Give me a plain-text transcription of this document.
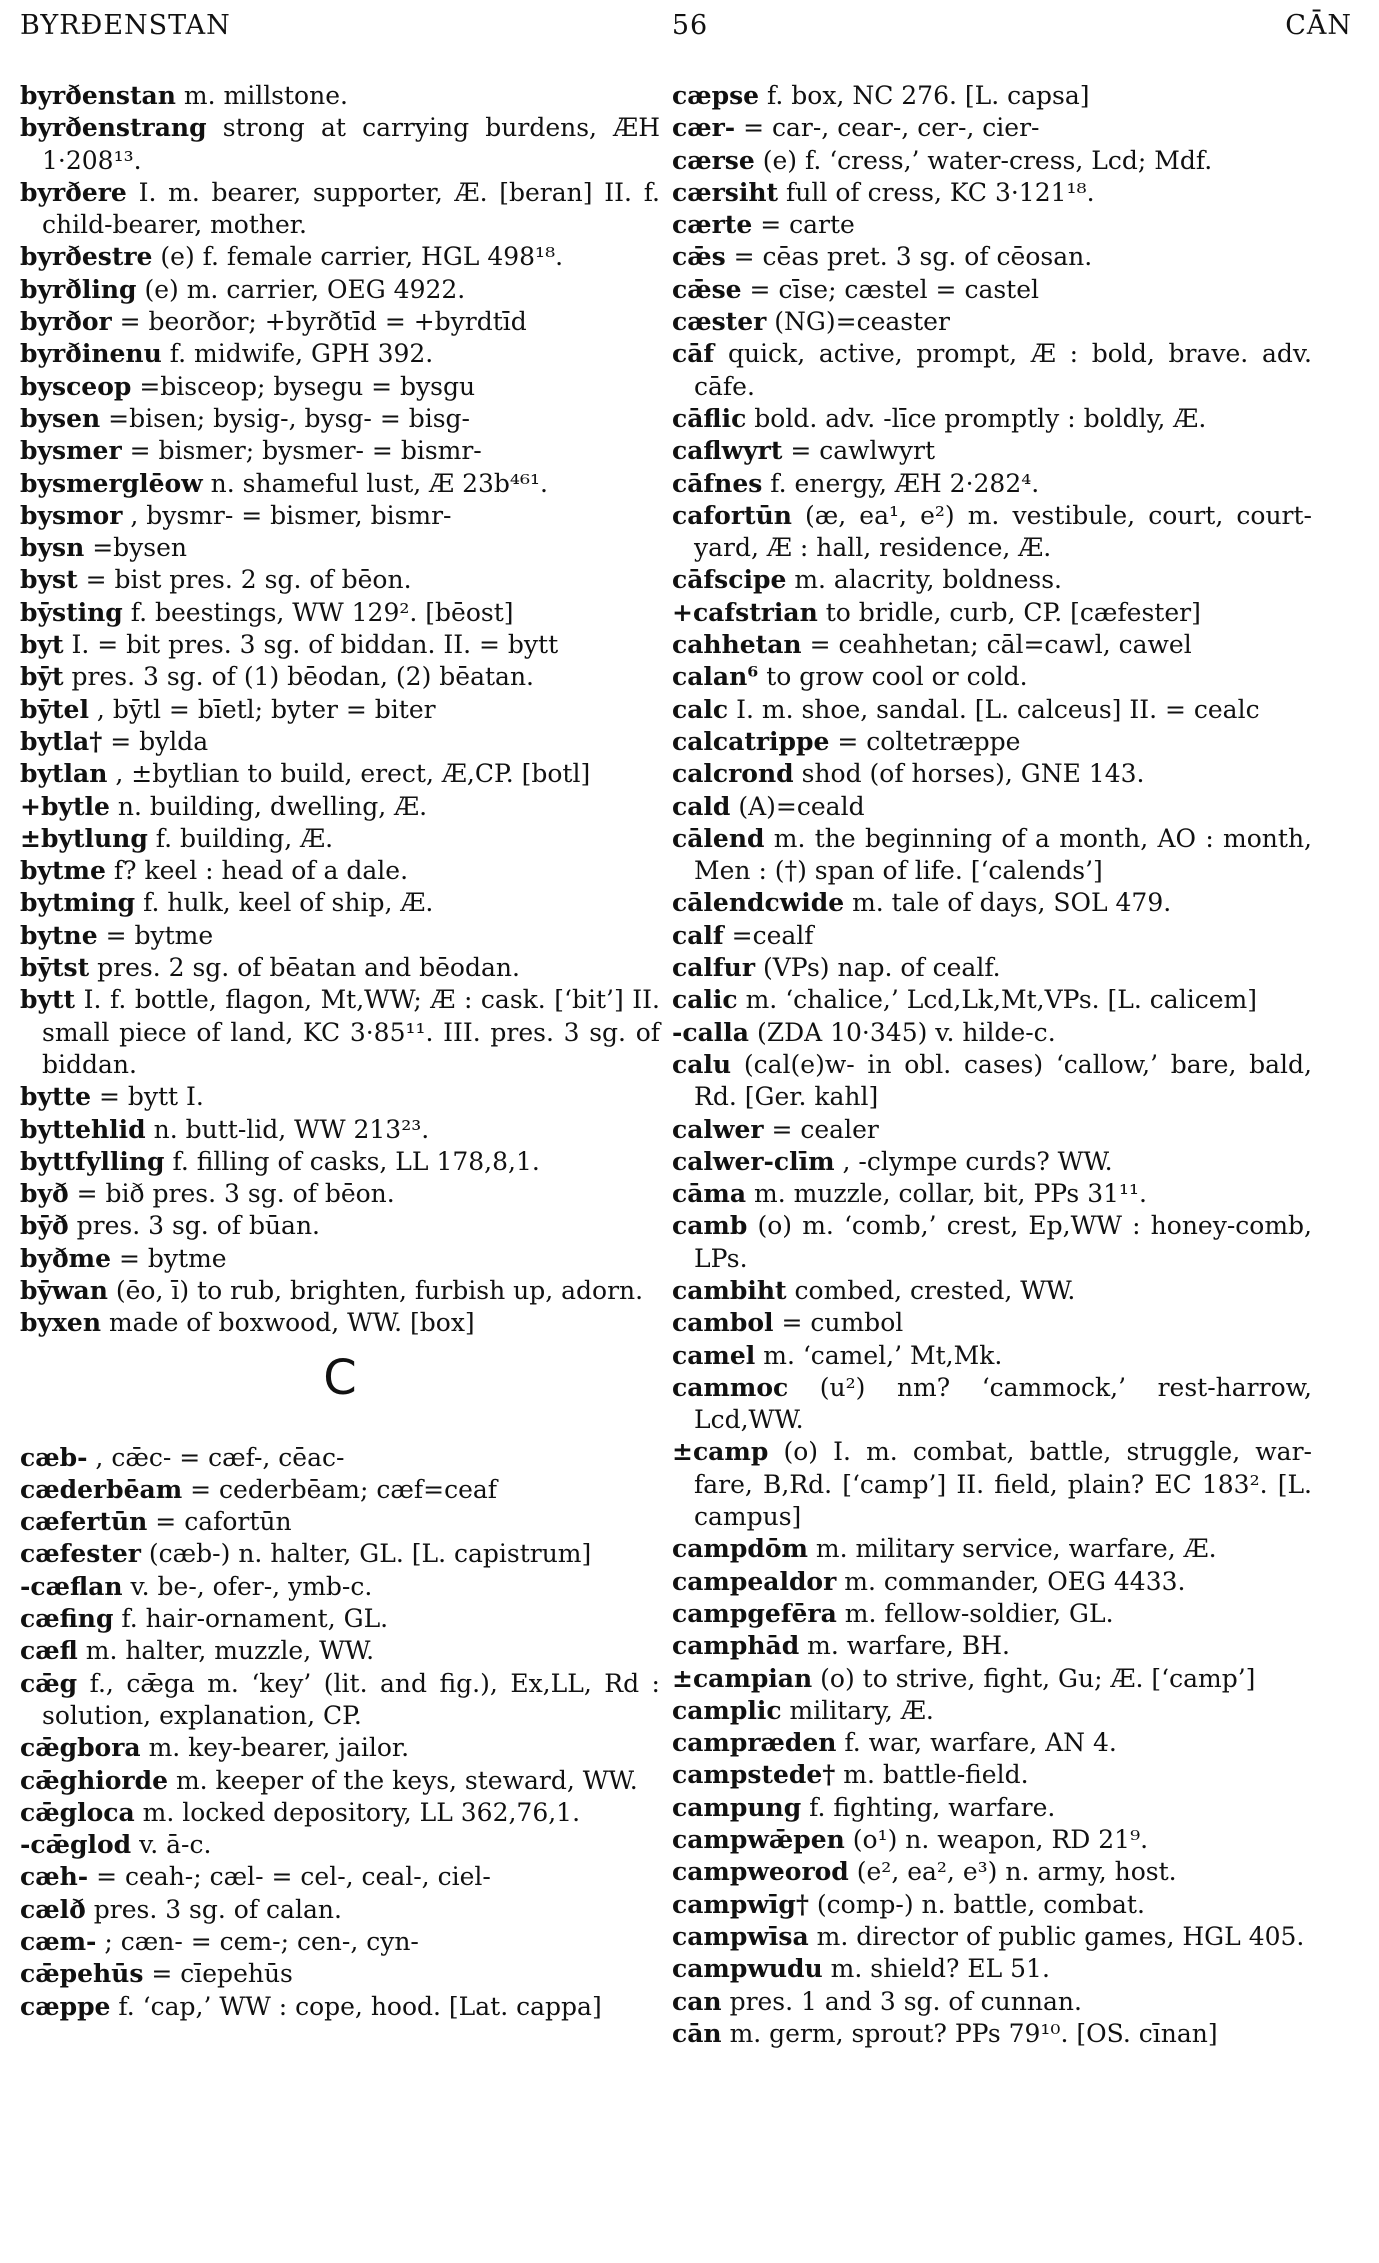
BYRÐENSTAN	56	CĀN
byrðenstan m. millstone.
byrðenstrang strong at carrying burdens, ÆH 1·208¹³.
byrðere I. m. bearer, supporter, Æ. [beran] II. f. child-bearer, mother.
byrðestre (e) f. female carrier, HGL 498¹⁸.
byrðling (e) m. carrier, OEG 4922.
byrðor = beorðor; +byrðtīd = +byrdtīd
byrðinenu f. midwife, GPH 392.
bysceop =bisceop; bysegu = bysgu
bysen =bisen; bysig-, bysg- = bisg-
bysmer = bismer; bysmer- = bismr-
bysmerglēow n. shameful lust, Æ 23b⁴⁶¹.
bysmor , bysmr- = bismer, bismr-
bysn =bysen
byst = bist pres. 2 sg. of bēon.
bȳsting f. beestings, WW 129². [bēost]
byt I. = bit pres. 3 sg. of biddan. II. = bytt
bȳt pres. 3 sg. of (1) bēodan, (2) bēatan.
bȳtel , bȳtl = bīetl; byter = biter
bytla† = bylda
bytlan , ±bytlian to build, erect, Æ,CP. [botl]
+bytle n. building, dwelling, Æ.
±bytlung f. building, Æ.
bytme f? keel : head of a dale.
bytming f. hulk, keel of ship, Æ.
bytne = bytme
bȳtst pres. 2 sg. of bēatan and bēodan.
bytt I. f. bottle, flagon, Mt,WW; Æ : cask. [‘bit’] II. small piece of land, KC 3·85¹¹. III. pres. 3 sg. of biddan.
bytte = bytt I.
byttehlid n. butt-lid, WW 213²³.
byttfylling f. filling of casks, LL 178,8,1.
byð = bið pres. 3 sg. of bēon.
bȳð pres. 3 sg. of būan.
byðme = bytme
bȳwan (ēo, ī) to rub, brighten, furbish up, adorn.
byxen made of boxwood, WW. [box]
C
cæb- , cǣc- = cæf-, cēac-
cæderbēam = cederbēam; cæf=ceaf
cæfertūn = cafortūn
cæfester (cæb-) n. halter, GL. [L. capistrum]
-cæflan v. be-, ofer-, ymb-c.
cæfing f. hair-ornament, GL.
cæfl m. halter, muzzle, WW.
cǣg f., cǣga m. ‘key’ (lit. and fig.), Ex,LL, Rd : solution, explanation, CP.
cǣgbora m. key-bearer, jailor.
cǣghiorde m. keeper of the keys, steward, WW.
cǣgloca m. locked depository, LL 362,76,1.
-cǣglod v. ā-c.
cæh- = ceah-; cæl- = cel-, ceal-, ciel-
cælð pres. 3 sg. of calan.
cæm- ; cæn- = cem-; cen-, cyn-
cǣpehūs = cīepehūs
cæppe f. ‘cap,’ WW : cope, hood. [Lat. cappa]
cæpse f. box, NC 276. [L. capsa]
cær- = car-, cear-, cer-, cier-
cærse (e) f. ‘cress,’ water-cress, Lcd; Mdf.
cærsiht full of cress, KC 3·121¹⁸.
cærte = carte
cǣs = cēas pret. 3 sg. of cēosan.
cǣse = cīse; cæstel = castel
cæster (NG)=ceaster
cāf quick, active, prompt, Æ : bold, brave. adv. cāfe.
cāflic bold. adv. -līce promptly : boldly, Æ.
caflwyrt = cawlwyrt
cāfnes f. energy, ÆH 2·282⁴.
cafortūn (æ, ea¹, e²) m. vestibule, court, court-yard, Æ : hall, residence, Æ.
cāfscipe m. alacrity, boldness.
+cafstrian to bridle, curb, CP. [cæfester]
cahhetan = ceahhetan; cāl=cawl, cawel
calan⁶ to grow cool or cold.
calc I. m. shoe, sandal. [L. calceus] II. = cealc
calcatrippe = coltetræppe
calcrond shod (of horses), GNE 143.
cald (A)=ceald
cālend m. the beginning of a month, AO : month, Men : (†) span of life. [‘calends’]
cālendcwide m. tale of days, SOL 479.
calf =cealf
calfur (VPs) nap. of cealf.
calic m. ‘chalice,’ Lcd,Lk,Mt,VPs. [L. calicem]
-calla (ZDA 10·345) v. hilde-c.
calu (cal(e)w- in obl. cases) ‘callow,’ bare, bald, Rd. [Ger. kahl]
calwer = cealer
calwer-clīm , -clympe curds? WW.
cāma m. muzzle, collar, bit, PPs 31¹¹.
camb (o) m. ‘comb,’ crest, Ep,WW : honey-comb, LPs.
cambiht combed, crested, WW.
cambol = cumbol
camel m. ‘camel,’ Mt,Mk.
cammoc (u²) nm? ‘cammock,’ rest-harrow, Lcd,WW.
±camp (o) I. m. combat, battle, struggle, war-fare, B,Rd. [‘camp’] II. field, plain? EC 183². [L. campus]
campdōm m. military service, warfare, Æ.
campealdor m. commander, OEG 4433.
campgefēra m. fellow-soldier, GL.
camphād m. warfare, BH.
±campian (o) to strive, fight, Gu; Æ. [‘camp’]
camplic military, Æ.
campræden f. war, warfare, AN 4.
campstede† m. battle-field.
campung f. fighting, warfare.
campwǣpen (o¹) n. weapon, RD 21⁹.
campweorod (e², ea², e³) n. army, host.
campwīg† (comp-) n. battle, combat.
campwīsa m. director of public games, HGL 405.
campwudu m. shield? EL 51.
can pres. 1 and 3 sg. of cunnan.
cān m. germ, sprout? PPs 79¹⁰. [OS. cīnan]
